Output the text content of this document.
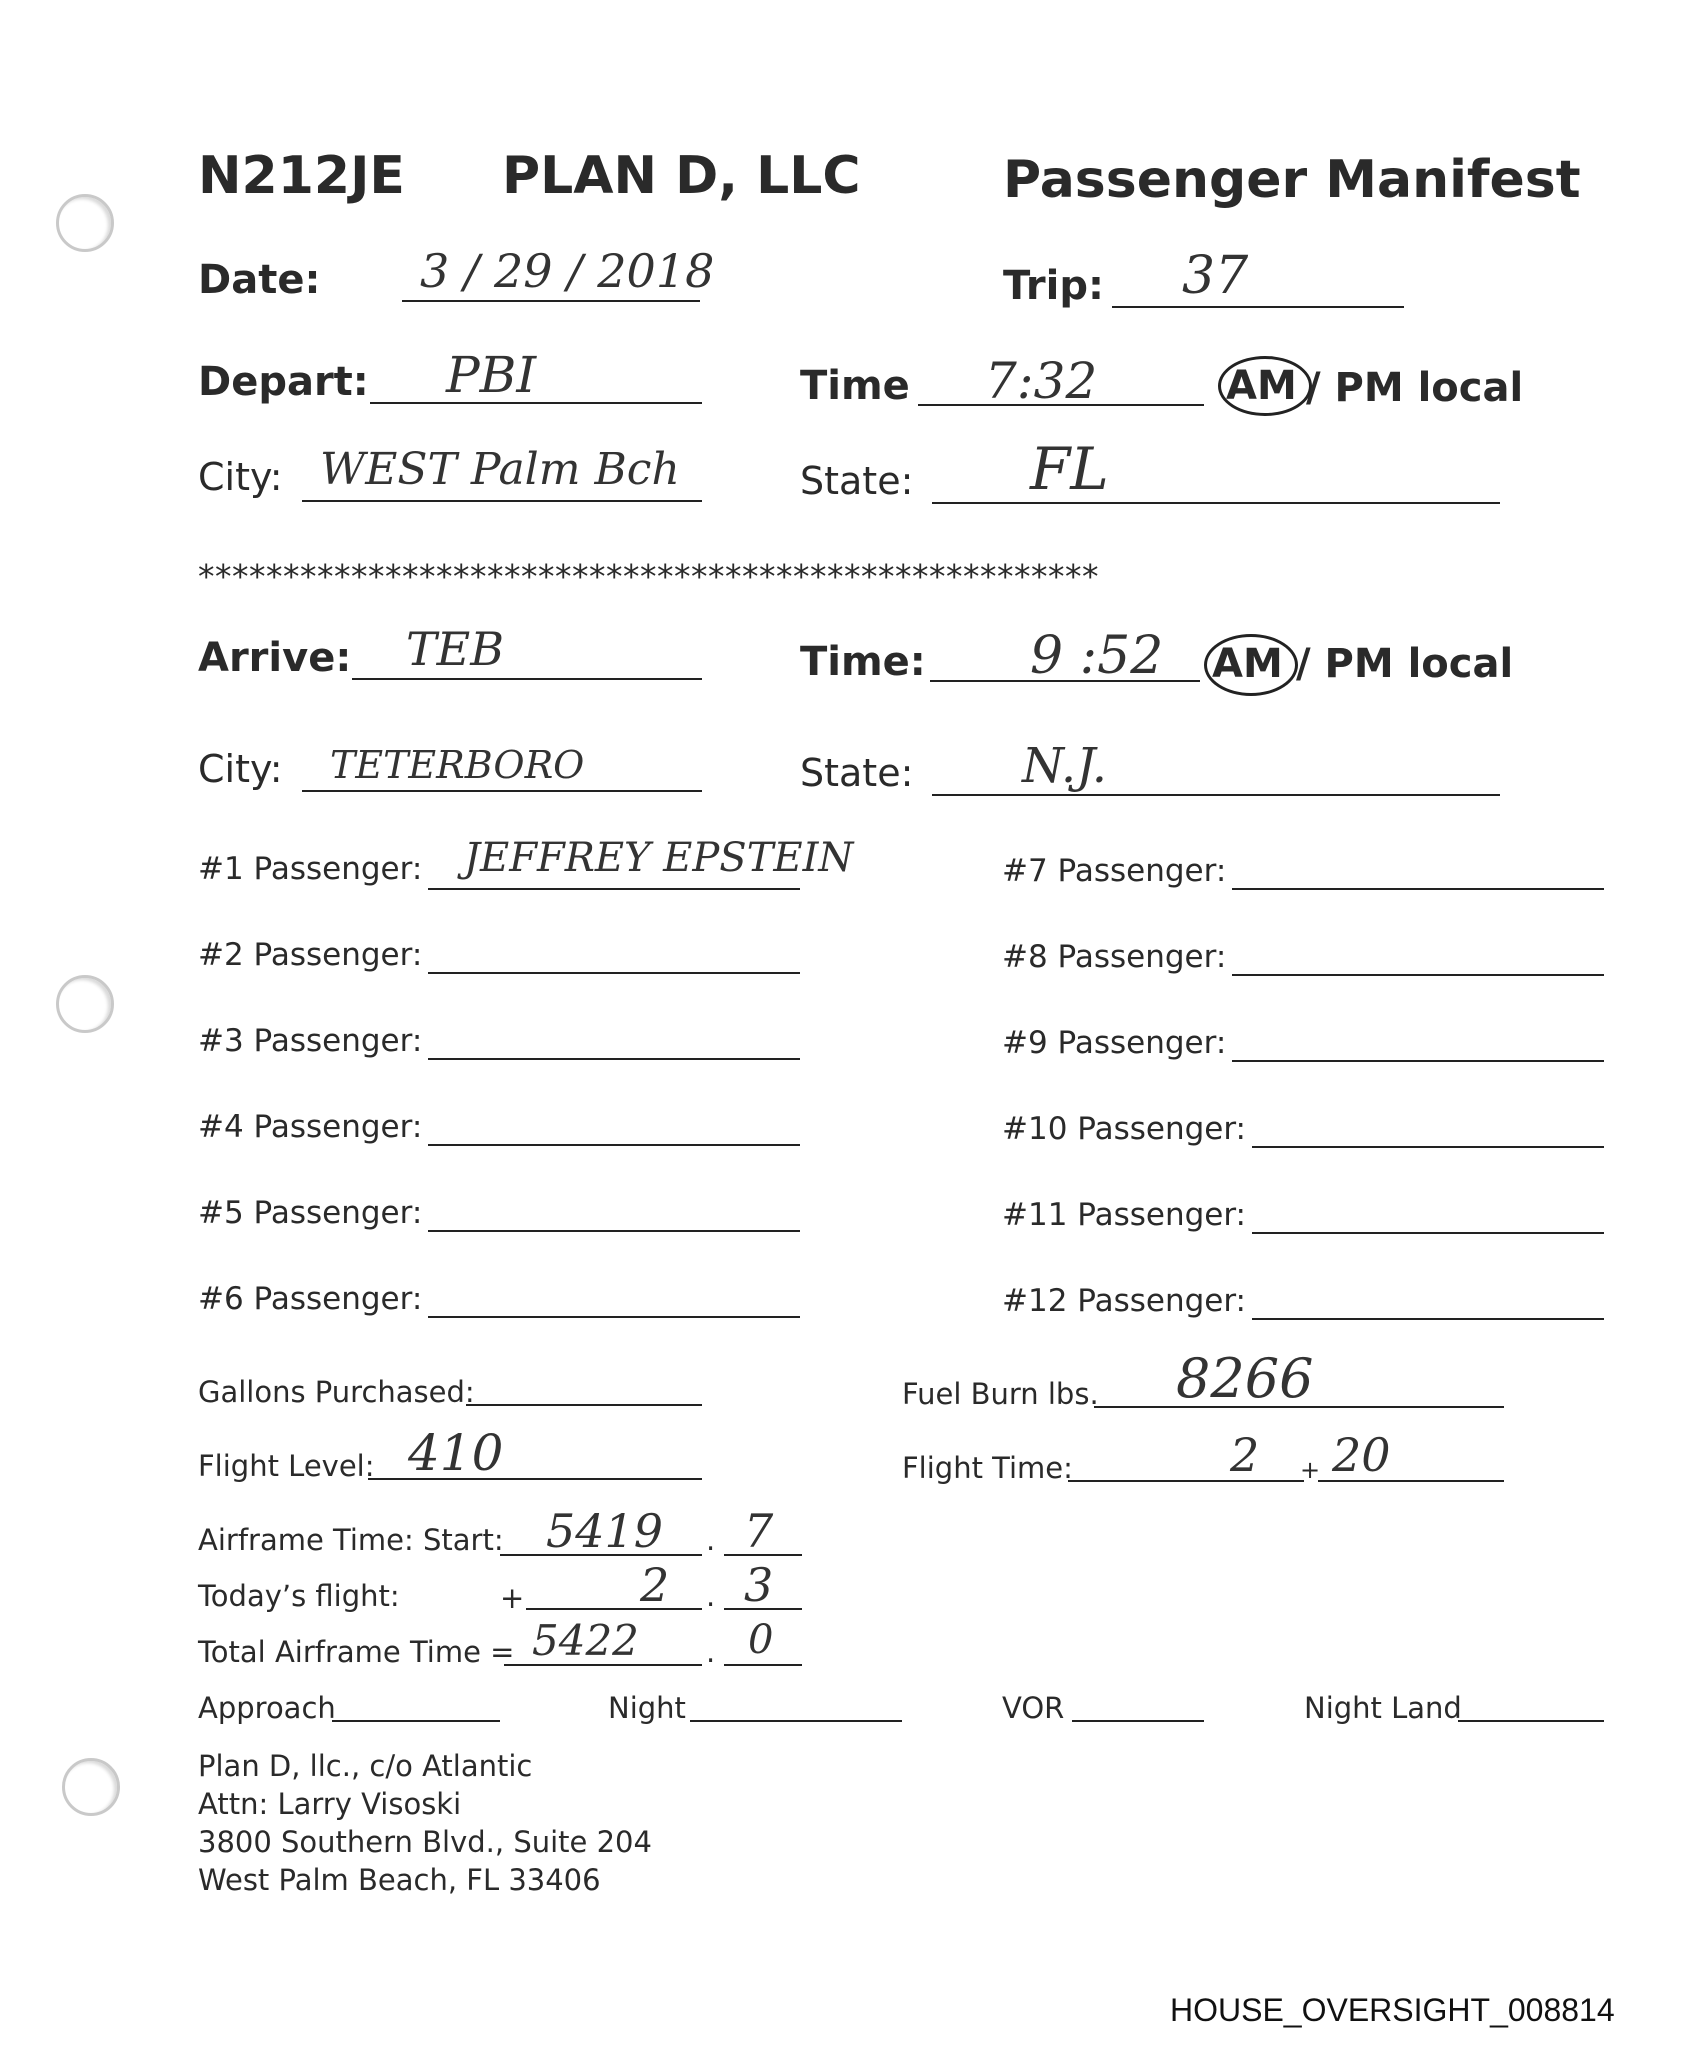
N212JE PLAN D, LLC	Passenger Manifest
Date: 3 / 29 / 2018	Trip: 37
Depart: PBI	Time 7:32	AM / PM local
City: WEST Palm Bch	State: FL
*****************************************************
Arrive: TEB	Time: 9 :52 AM / PM local
City: TETERBORO	State: N.J.
#1 Passenger: JEFFREY EPSTEIN
#2 Passenger:
#3 Passenger:
#4 Passenger:
#5 Passenger:
#6 Passenger:
#7 Passenger:
#8 Passenger:
#9 Passenger:
#10 Passenger:
#11 Passenger:
#12 Passenger:
Gallons Purchased:	Fuel Burn lbs. 8266
Flight Level: 410	Flight Time:	2 + 20
Airframe Time: Start: 5419 . 7
Today’s flight:	+	2 . 3
Total Airframe Time = 5422 . 0
Approach	Night	VOR	Night Land
Plan D, llc., c/o Atlantic
Attn: Larry Visoski
3800 Southern Blvd., Suite 204
West Palm Beach, FL 33406
HOUSE_OVERSIGHT_008814
